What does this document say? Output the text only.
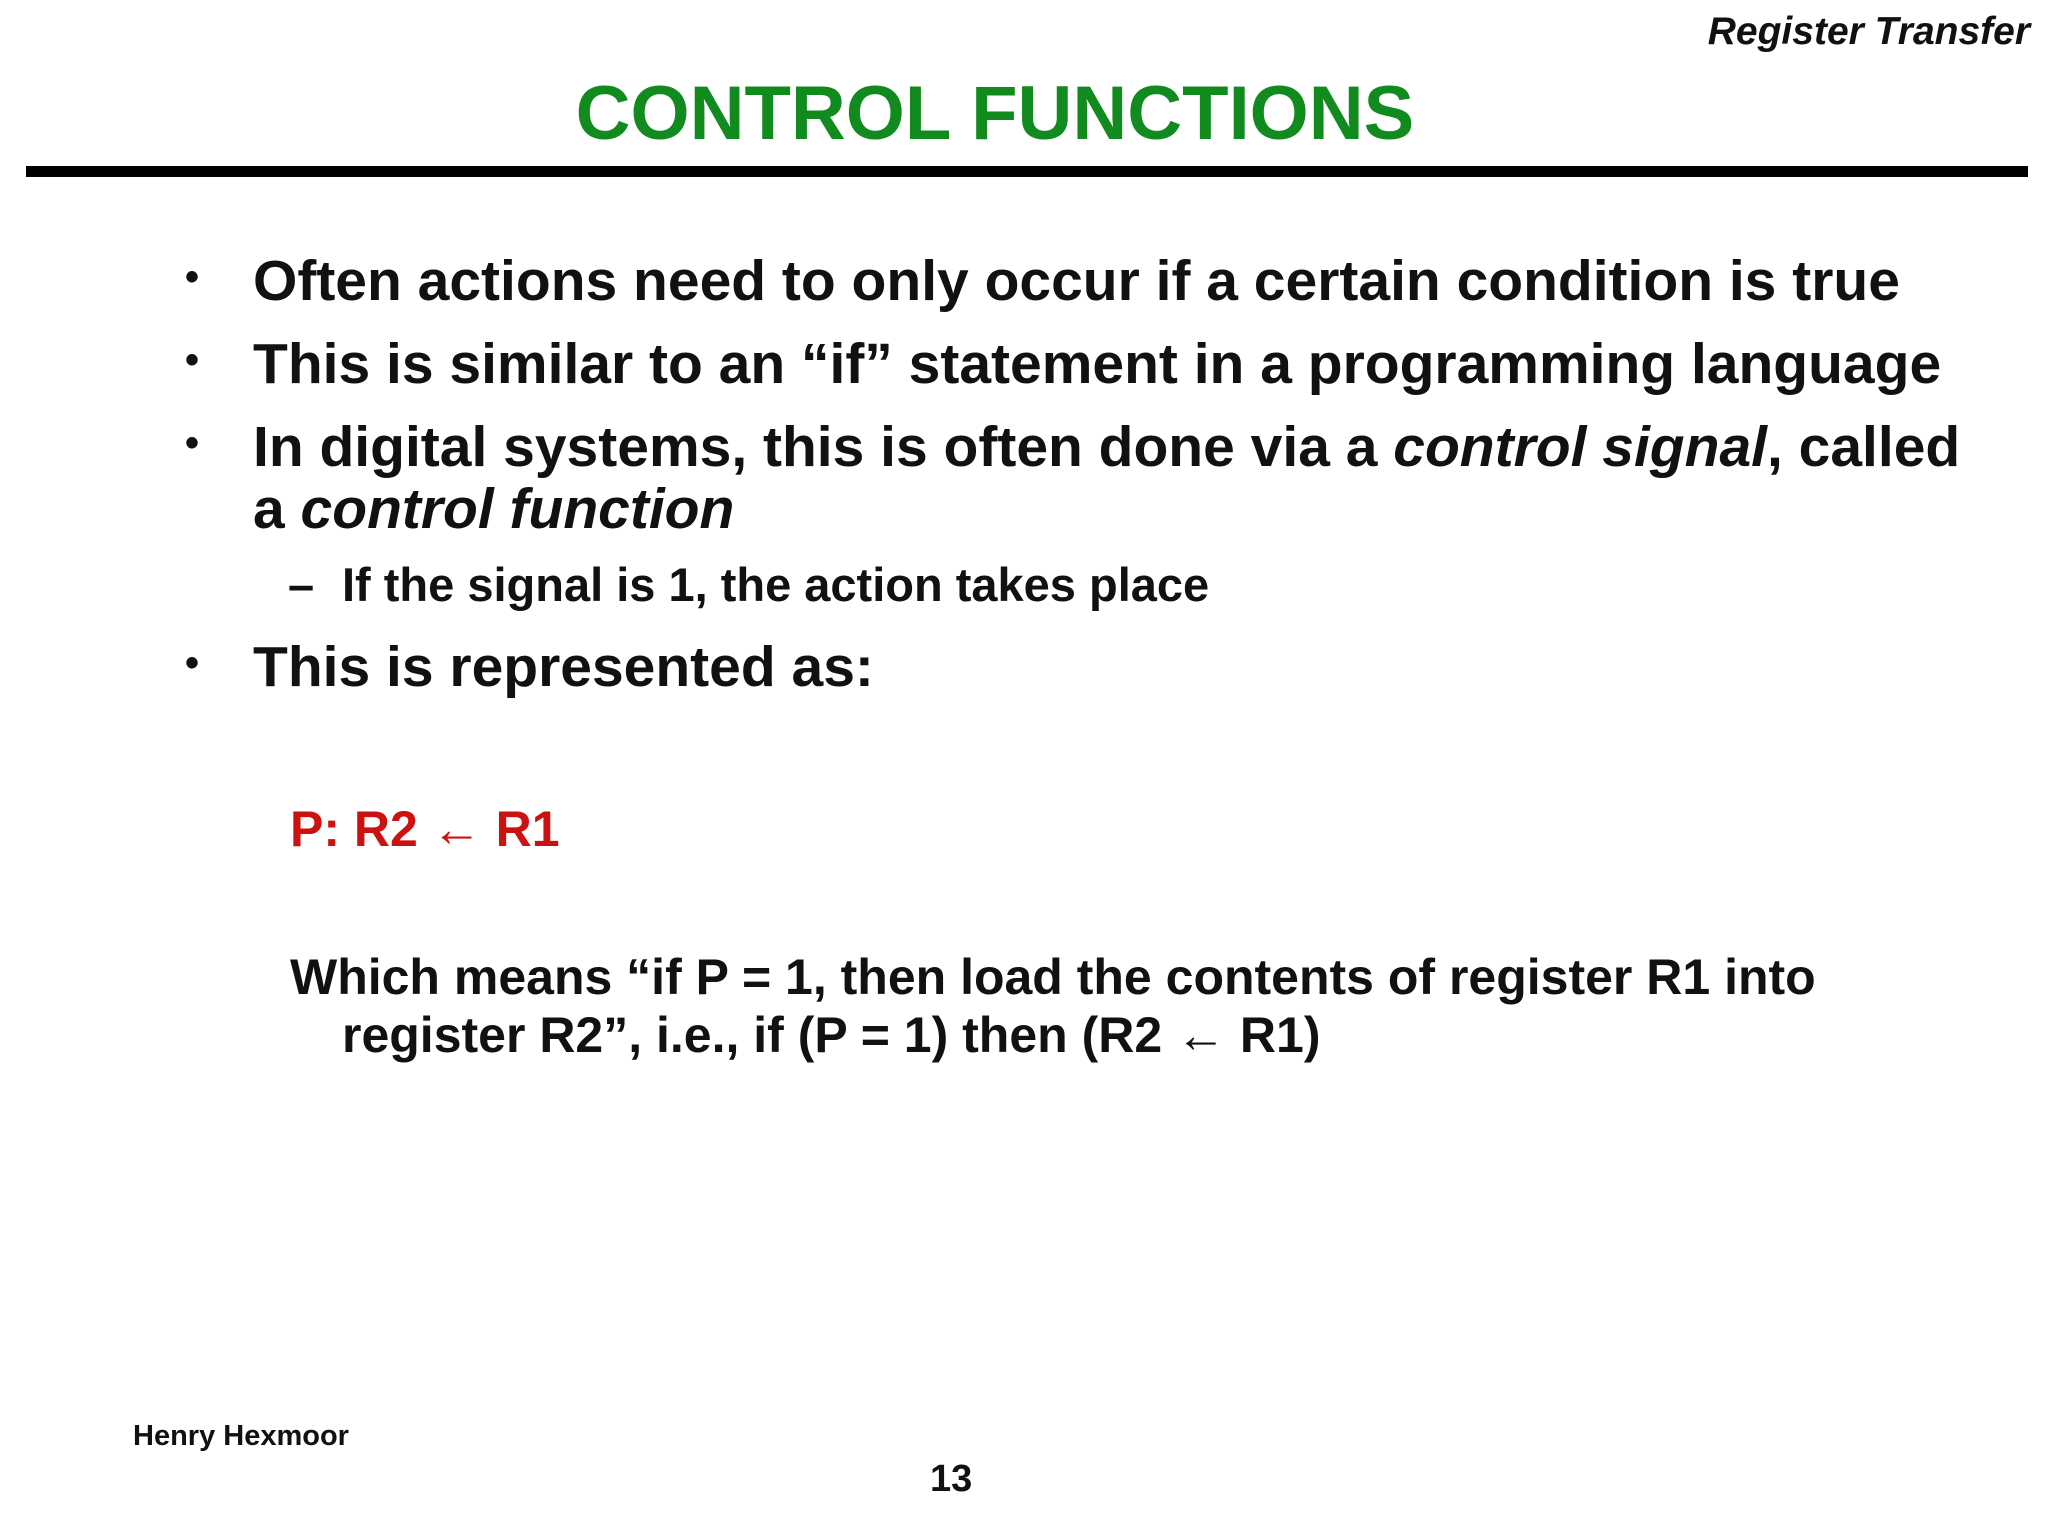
Register Transfer
CONTROL FUNCTIONS
• Often actions need to only occur if a certain condition is true
• This is similar to an “if” statement in a programming language
• In digital systems, this is often done via a control signal, called a control function
– If the signal is 1, the action takes place
• This is represented as:
P: R2 ← R1
Which means “if P = 1, then load the contents of register R1 into
register R2”, i.e., if (P = 1) then (R2 ← R1)
Henry Hexmoor
13
